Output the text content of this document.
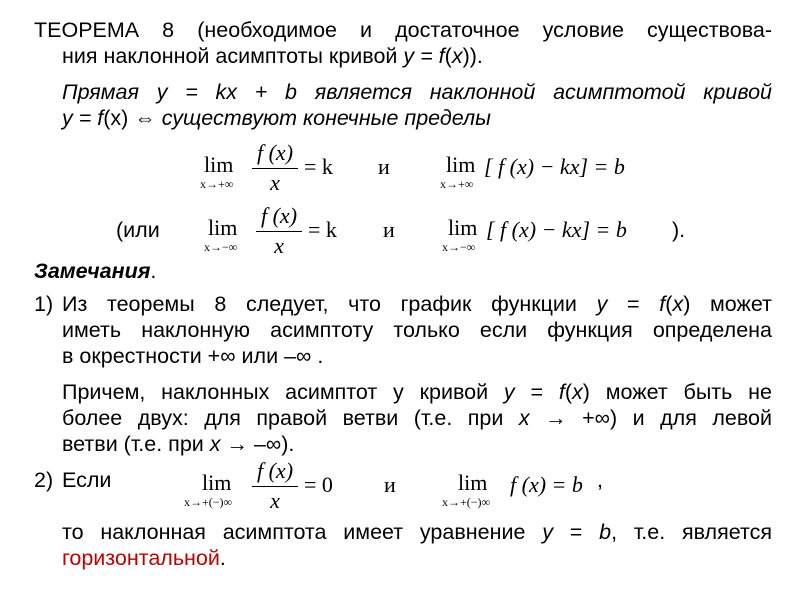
ТЕОРЕМА 8 (необходимое и достаточное условие существова-
ния наклонной асимптоты кривой y = f(x)).
Прямая y = kx + b является наклонной асимптотой кривой
y = f(x) ⇔ существуют конечные пределы
lim
x→+∞
f (x)
x
= k и	lim
x→+∞
[ f (x) − kx] = b
(или lim
x→−∞
f (x)
x
= k и lim
x→−∞
[ f (x) − kx] = b ).
Замечания.
1) Из теоремы 8 следует, что график функции y = f(x) может
иметь наклонную асимптоту только если функция определена
в окрестности +∞ или –∞ .
Причем, наклонных асимптот у кривой y = f(x) может быть не
более двух: для правой ветви (т.е. при x → +∞) и для левой
ветви (т.е. при x → –∞).
2) Если	lim
x→+(−)∞
f (x)
x
= 0 и	lim
x→+(−)∞
f (x) = b ,
то наклонная асимптота имеет уравнение y = b, т.е. является
горизонтальной.
